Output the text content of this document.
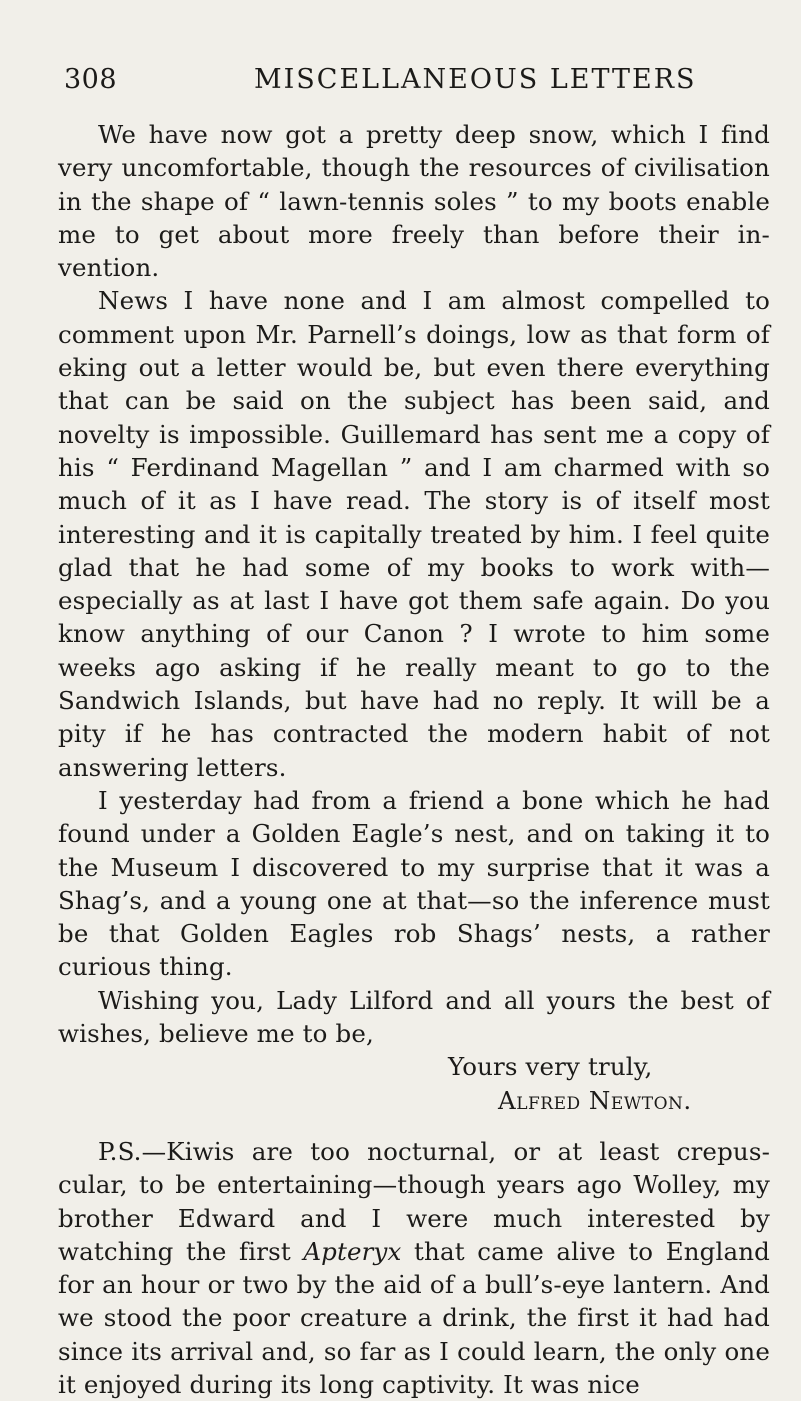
308	MISCELLANEOUS LETTERS

We have now got a pretty deep snow, which I find very uncomfortable, though the resources of civilisation in the shape of “ lawn-tennis soles ” to my boots enable me to get about more freely than before their in- vention.

News I have none and I am almost compelled to comment upon Mr. Parnell’s doings, low as that form of eking out a letter would be, but even there everything that can be said on the subject has been said, and novelty is impossible. Guillemard has sent me a copy of his “ Ferdinand Magellan ” and I am charmed with so much of it as I have read. The story is of itself most interesting and it is capitally treated by him. I feel quite glad that he had some of my books to work with—especially as at last I have got them safe again. Do you know anything of our Canon ? I wrote to him some weeks ago asking if he really meant to go to the Sandwich Islands, but have had no reply. It will be a pity if he has contracted the modern habit of not answering letters.

I yesterday had from a friend a bone which he had found under a Golden Eagle’s nest, and on taking it to the Museum I discovered to my surprise that it was a Shag’s, and a young one at that—so the inference must be that Golden Eagles rob Shags’ nests, a rather curious thing.

Wishing you, Lady Lilford and all yours the best of wishes, believe me to be,

Yours very truly,
Alfred Newton.

P.S.—Kiwis are too nocturnal, or at least crepus- cular, to be entertaining—though years ago Wolley, my brother Edward and I were much interested by watching the first Apteryx that came alive to England for an hour or two by the aid of a bull’s-eye lantern. And we stood the poor creature a drink, the first it had had since its arrival and, so far as I could learn, the only one it enjoyed during its long captivity. It was nice
